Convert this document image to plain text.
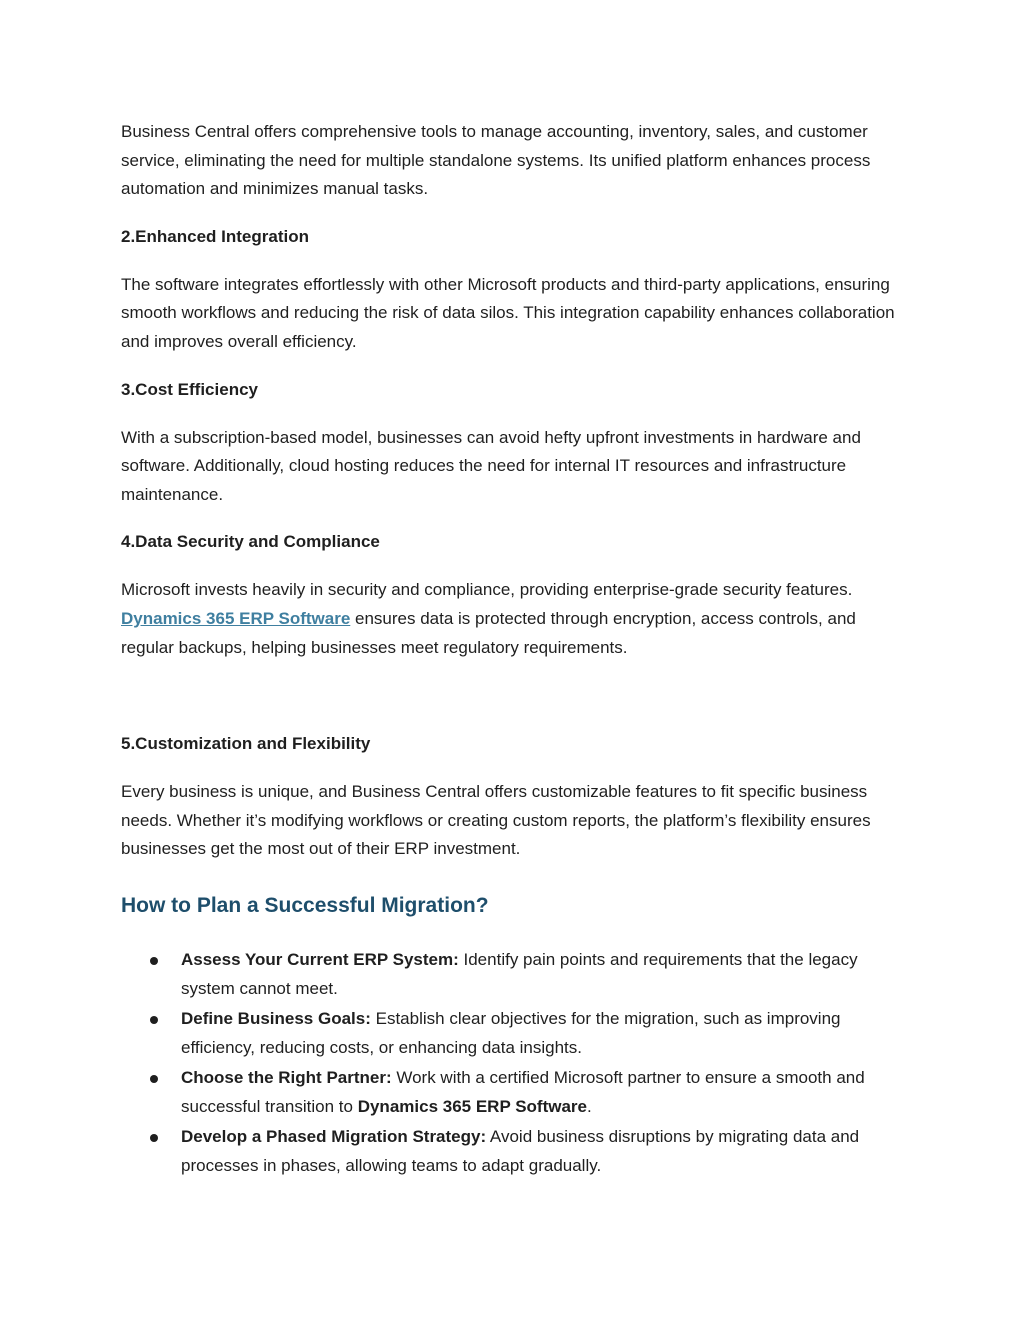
Business Central offers comprehensive tools to manage accounting, inventory, sales, and customer service, eliminating the need for multiple standalone systems. Its unified platform enhances process automation and minimizes manual tasks.

2.Enhanced Integration

The software integrates effortlessly with other Microsoft products and third-party applications, ensuring smooth workflows and reducing the risk of data silos. This integration capability enhances collaboration and improves overall efficiency.

3.Cost Efficiency

With a subscription-based model, businesses can avoid hefty upfront investments in hardware and software. Additionally, cloud hosting reduces the need for internal IT resources and infrastructure maintenance.

4.Data Security and Compliance

Microsoft invests heavily in security and compliance, providing enterprise-grade security features. Dynamics 365 ERP Software ensures data is protected through encryption, access controls, and regular backups, helping businesses meet regulatory requirements.

5.Customization and Flexibility

Every business is unique, and Business Central offers customizable features to fit specific business needs. Whether it’s modifying workflows or creating custom reports, the platform’s flexibility ensures businesses get the most out of their ERP investment.

How to Plan a Successful Migration?
Assess Your Current ERP System: Identify pain points and requirements that the legacy system cannot meet.
Define Business Goals: Establish clear objectives for the migration, such as improving efficiency, reducing costs, or enhancing data insights.
Choose the Right Partner: Work with a certified Microsoft partner to ensure a smooth and successful transition to Dynamics 365 ERP Software.
Develop a Phased Migration Strategy: Avoid business disruptions by migrating data and processes in phases, allowing teams to adapt gradually.
